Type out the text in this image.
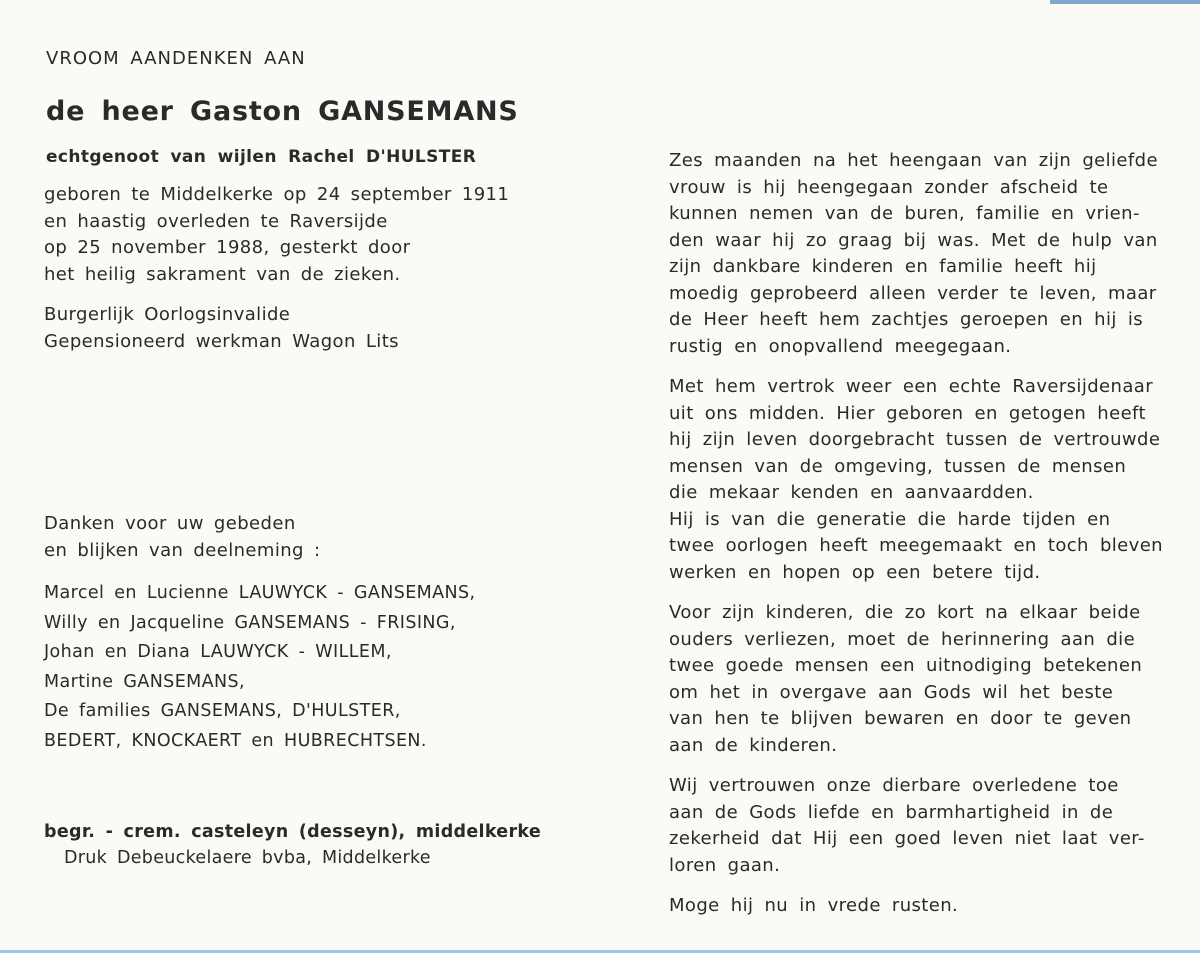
VROOM AANDENKEN AAN
de heer Gaston GANSEMANS
echtgenoot van wijlen Rachel D'HULSTER
geboren te Middelkerke op 24 september 1911
en haastig overleden te Raversijde
op 25 november 1988, gesterkt door
het heilig sakrament van de zieken.
Burgerlijk Oorlogsinvalide
Gepensioneerd werkman Wagon Lits
Danken voor uw gebeden
en blijken van deelneming :
Marcel en Lucienne LAUWYCK - GANSEMANS,
Willy en Jacqueline GANSEMANS - FRISING,
Johan en Diana LAUWYCK - WILLEM,
Martine GANSEMANS,
De families GANSEMANS, D'HULSTER,
BEDERT, KNOCKAERT en HUBRECHTSEN.
begr. - crem. casteleyn (desseyn), middelkerke
Druk Debeuckelaere bvba, Middelkerke
Zes maanden na het heengaan van zijn geliefde
vrouw is hij heengegaan zonder afscheid te
kunnen nemen van de buren, familie en vrien-
den waar hij zo graag bij was. Met de hulp van
zijn dankbare kinderen en familie heeft hij
moedig geprobeerd alleen verder te leven, maar
de Heer heeft hem zachtjes geroepen en hij is
rustig en onopvallend meegegaan.
Met hem vertrok weer een echte Raversijdenaar
uit ons midden. Hier geboren en getogen heeft
hij zijn leven doorgebracht tussen de vertrouwde
mensen van de omgeving, tussen de mensen
die mekaar kenden en aanvaardden.
Hij is van die generatie die harde tijden en
twee oorlogen heeft meegemaakt en toch bleven
werken en hopen op een betere tijd.
Voor zijn kinderen, die zo kort na elkaar beide
ouders verliezen, moet de herinnering aan die
twee goede mensen een uitnodiging betekenen
om het in overgave aan Gods wil het beste
van hen te blijven bewaren en door te geven
aan de kinderen.
Wij vertrouwen onze dierbare overledene toe
aan de Gods liefde en barmhartigheid in de
zekerheid dat Hij een goed leven niet laat ver-
loren gaan.
Moge hij nu in vrede rusten.
